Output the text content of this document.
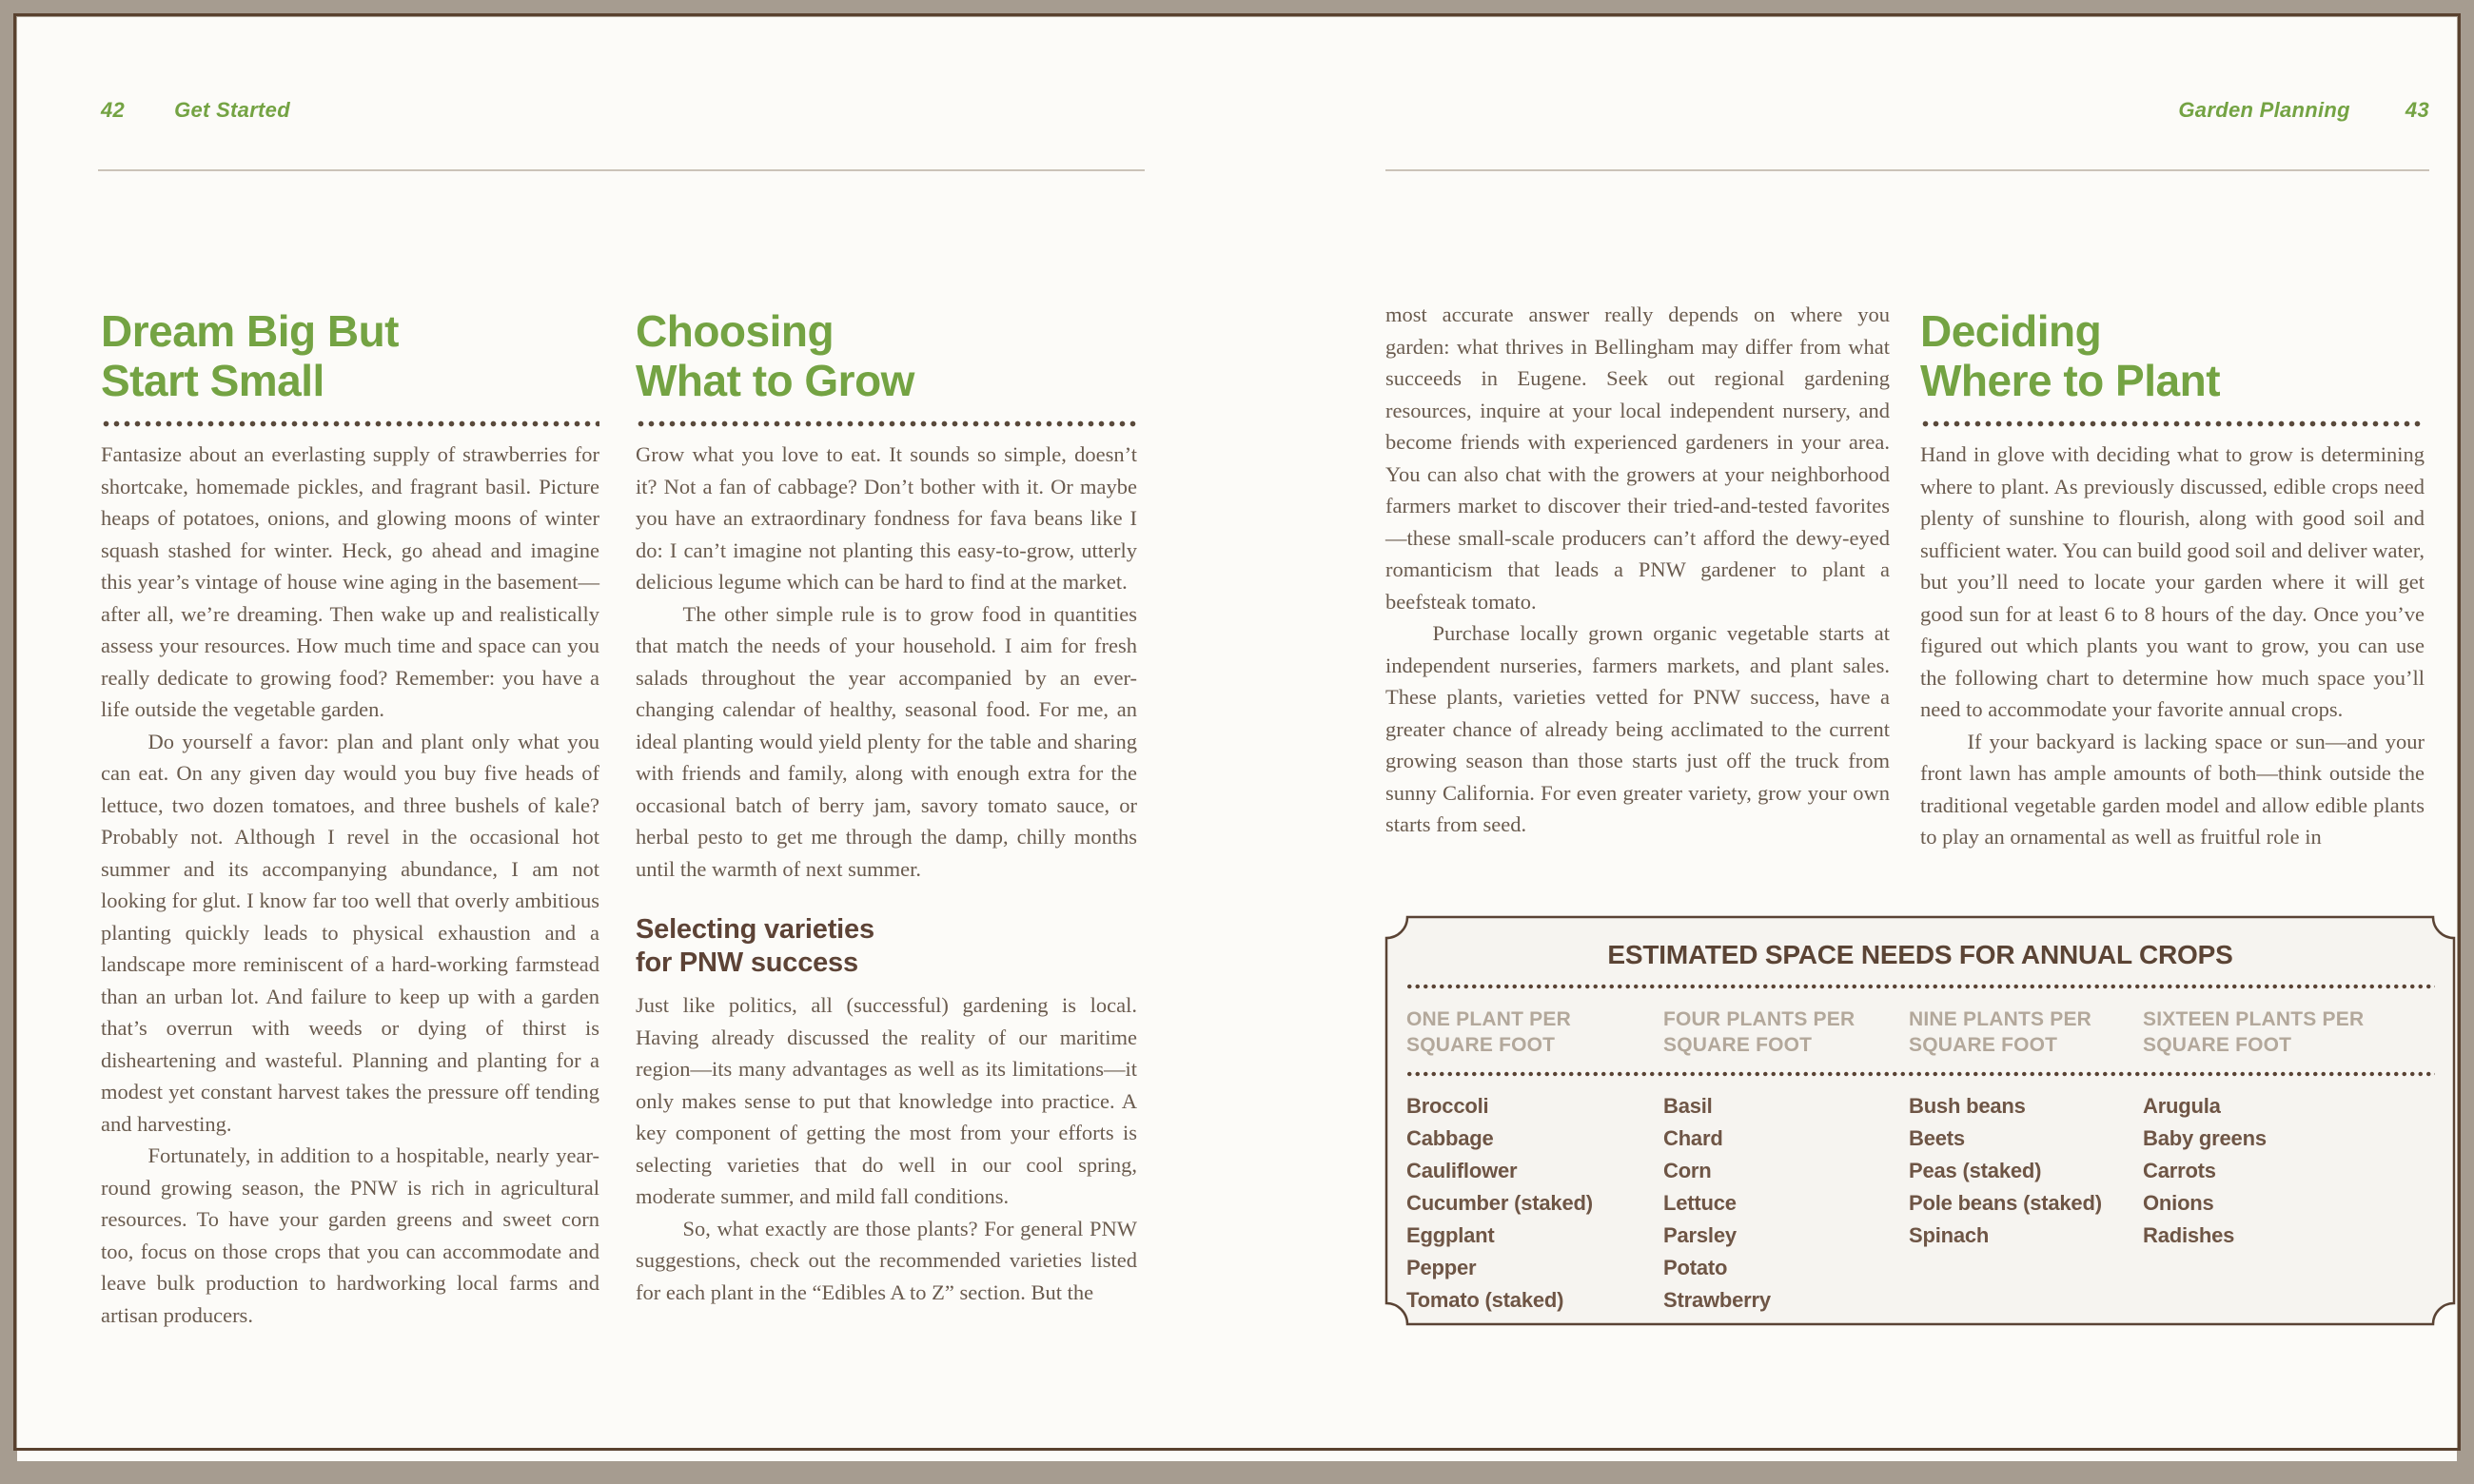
42 Get Started	Garden Planning	43
Dream Big But
Start Small

Fantasize about an everlasting supply of strawberries for shortcake, homemade pickles, and fragrant basil. Picture heaps of potatoes, onions, and glowing moons of winter squash stashed for winter. Heck, go ahead and imagine this year’s vintage of house wine aging in the basement—after all, we’re dreaming. Then wake up and realistically assess your resources. How much time and space can you really dedicate to growing food? Remember: you have a life outside the vegetable garden.

Do yourself a favor: plan and plant only what you can eat. On any given day would you buy five heads of lettuce, two dozen tomatoes, and three bushels of kale? Probably not. Although I revel in the occasional hot summer and its accompanying abundance, I am not looking for glut. I know far too well that overly ambitious planting quickly leads to physical exhaustion and a landscape more reminiscent of a hard-working farmstead than an urban lot. And failure to keep up with a garden that’s overrun with weeds or dying of thirst is disheartening and wasteful. Planning and planting for a modest yet constant harvest takes the pressure off tending and harvesting.

Fortunately, in addition to a hospitable, nearly year-round growing season, the PNW is rich in agricultural resources. To have your garden greens and sweet corn too, focus on those crops that you can accommodate and leave bulk production to hardworking local farms and artisan producers.

Choosing
What to Grow

Grow what you love to eat. It sounds so simple, doesn’t it? Not a fan of cabbage? Don’t bother with it. Or maybe you have an extraordinary fondness for fava beans like I do: I can’t imagine not planting this easy-to-grow, utterly delicious legume which can be hard to find at the market.

The other simple rule is to grow food in quantities that match the needs of your household. I aim for fresh salads throughout the year accompanied by an ever-changing calendar of healthy, seasonal food. For me, an ideal planting would yield plenty for the table and sharing with friends and family, along with enough extra for the occasional batch of berry jam, savory tomato sauce, or herbal pesto to get me through the damp, chilly months until the warmth of next summer.

Selecting varieties
for PNW success

Just like politics, all (successful) gardening is local. Having already discussed the reality of our maritime region—its many advantages as well as its limitations—it only makes sense to put that knowledge into practice. A key component of getting the most from your efforts is selecting varieties that do well in our cool spring, moderate summer, and mild fall conditions.

So, what exactly are those plants? For general PNW suggestions, check out the recommended varieties listed for each plant in the “Edibles A to Z” section. But the

most accurate answer really depends on where you garden: what thrives in Bellingham may differ from what succeeds in Eugene. Seek out regional gardening resources, inquire at your local independent nursery, and become friends with experienced gardeners in your area. You can also chat with the growers at your neighborhood farmers market to discover their tried-and-tested favorites—these small-scale producers can’t afford the dewy-eyed romanticism that leads a PNW gardener to plant a beefsteak tomato.

Purchase locally grown organic vegetable starts at independent nurseries, farmers markets, and plant sales. These plants, varieties vetted for PNW success, have a greater chance of already being acclimated to the current growing season than those starts just off the truck from sunny California. For even greater variety, grow your own starts from seed.

Deciding
Where to Plant

Hand in glove with deciding what to grow is determining where to plant. As previously discussed, edible crops need plenty of sunshine to flourish, along with good soil and sufficient water. You can build good soil and deliver water, but you’ll need to locate your garden where it will get good sun for at least 6 to 8 hours of the day. Once you’ve figured out which plants you want to grow, you can use the following chart to determine how much space you’ll need to accommodate your favorite annual crops.

If your backyard is lacking space or sun—and your front lawn has ample amounts of both—think outside the traditional vegetable garden model and allow edible plants to play an ornamental as well as fruitful role in

ESTIMATED SPACE NEEDS FOR ANNUAL CROPS
ONE PLANT PER
SQUARE FOOT
FOUR PLANTS PER
SQUARE FOOT
NINE PLANTS PER
SQUARE FOOT
SIXTEEN PLANTS PER
SQUARE FOOT
Broccoli
Cabbage
Cauliflower
Cucumber (staked)
Eggplant
Pepper
Tomato (staked)
Basil
Chard
Corn
Lettuce
Parsley
Potato
Strawberry
Bush beans
Beets
Peas (staked)
Pole beans (staked)
Spinach
Arugula
Baby greens
Carrots
Onions
Radishes
